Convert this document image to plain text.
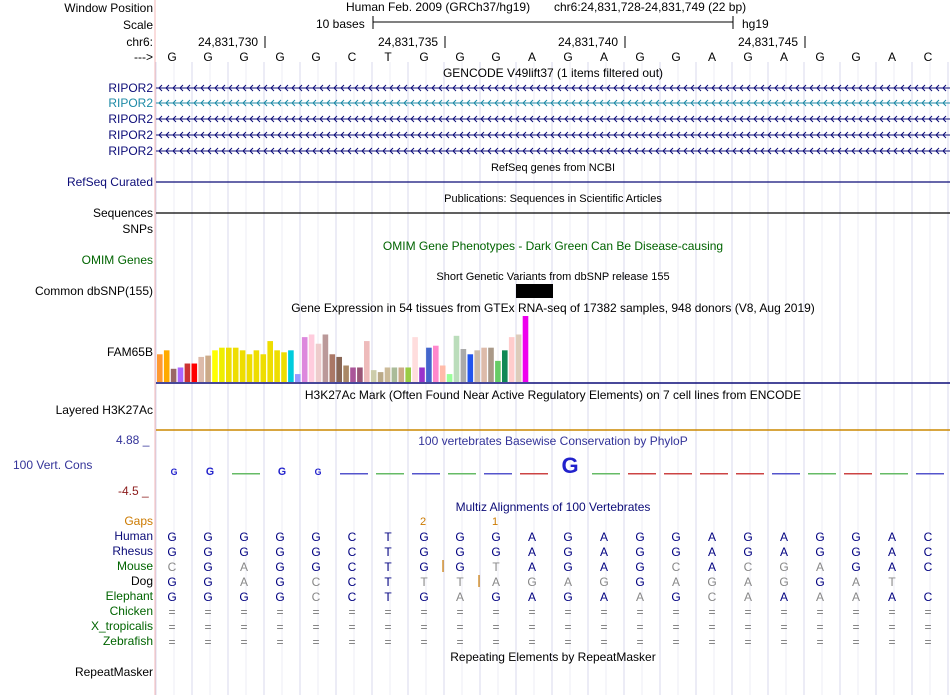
G G G G G C T G G G A G A G G A G A G G A C
G	G	G	G	G
2	1
G G G G G C T G G G A G A G G A G A G G A C
G G G G G C T G G G A G A G G A G A G G A C
C G A G G C T G G T A G A G C A C G A G A C
G G A G C C T T T A G A G G A G A G G A T
G G G G C C T G A G A G A A G C A A A A A C
= = = = = = = = = = = = = = = = = = = = = =
= = = = = = = = = = = = = = = = = = = = = =
= = = = = = = = = = = = = = = = = = = = = =
Window Position
Scale
chr6:
--->
Human Feb. 2009 (GRCh37/hg19) chr6:24,831,728-24,831,749 (22 bp)
10 bases	hg19
24,831,730	24,831,735	24,831,740	24,831,745
GENCODE V49lift37 (1 items filtered out)
RIPOR2
RIPOR2
RIPOR2
RIPOR2
RIPOR2
RefSeq genes from NCBI
RefSeq Curated
Publications: Sequences in Scientific Articles
Sequences
SNPs
OMIM Gene Phenotypes - Dark Green Can Be Disease-causing
OMIM Genes
Short Genetic Variants from dbSNP release 155
Common dbSNP(155)
Gene Expression in 54 tissues from GTEx RNA-seq of 17382 samples, 948 donors (V8, Aug 2019)
FAM65B
H3K27Ac Mark (Often Found Near Active Regulatory Elements) on 7 cell lines from ENCODE
Layered H3K27Ac
100 vertebrates Basewise Conservation by PhyloP
4.88 _
100 Vert. Cons
-4.5 _
Multiz Alignments of 100 Vertebrates
Gaps
Human
Rhesus
Mouse
Dog
Elephant
Chicken
X_tropicalis
Zebrafish
Repeating Elements by RepeatMasker
RepeatMasker
